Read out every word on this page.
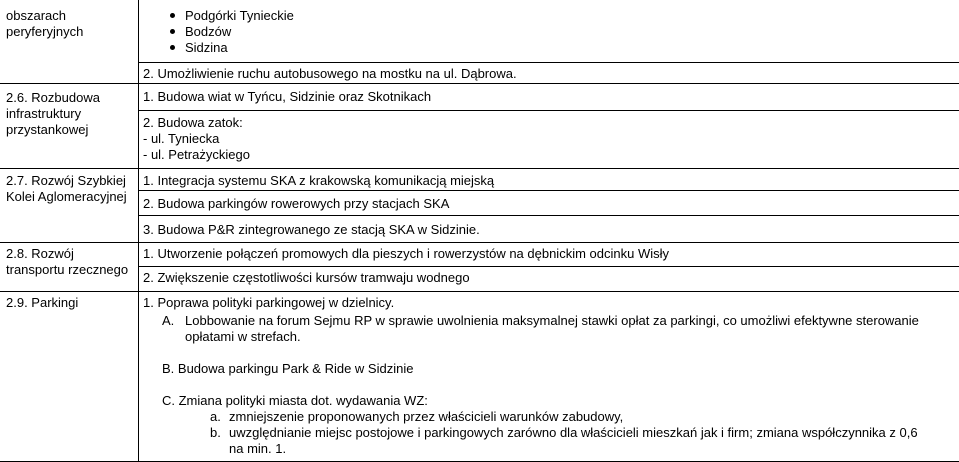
obszarach
peryferyjnych
2.6. Rozbudowa
infrastruktury
przystankowej
2.7. Rozwój Szybkiej
Kolei Aglomeracyjnej
2.8. Rozwój
transportu rzecznego
2.9. Parkingi
Podgórki Tynieckie
Bodzów
Sidzina
2. Umożliwienie ruchu autobusowego na mostku na ul. Dąbrowa.
1. Budowa wiat w Tyńcu, Sidzinie oraz Skotnikach
2. Budowa zatok:
- ul. Tyniecka
- ul. Petrażyckiego
1. Integracja systemu SKA z krakowską komunikacją miejską
2. Budowa parkingów rowerowych przy stacjach SKA
3. Budowa P&R zintegrowanego ze stacją SKA w Sidzinie.
1. Utworzenie połączeń promowych dla pieszych i rowerzystów na dębnickim odcinku Wisły
2. Zwiększenie częstotliwości kursów tramwaju wodnego
1. Poprawa polityki parkingowej w dzielnicy.
A. Lobbowanie na forum Sejmu RP w sprawie uwolnienia maksymalnej stawki opłat za parkingi, co umożliwi efektywne sterowanie
opłatami w strefach.
B. Budowa parkingu Park & Ride w Sidzinie
C. Zmiana polityki miasta dot. wydawania WZ:
a. zmniejszenie proponowanych przez właścicieli warunków zabudowy,
b. uwzględnianie miejsc postojowe i parkingowych zarówno dla właścicieli mieszkań jak i firm; zmiana współczynnika z 0,6
na min. 1.
